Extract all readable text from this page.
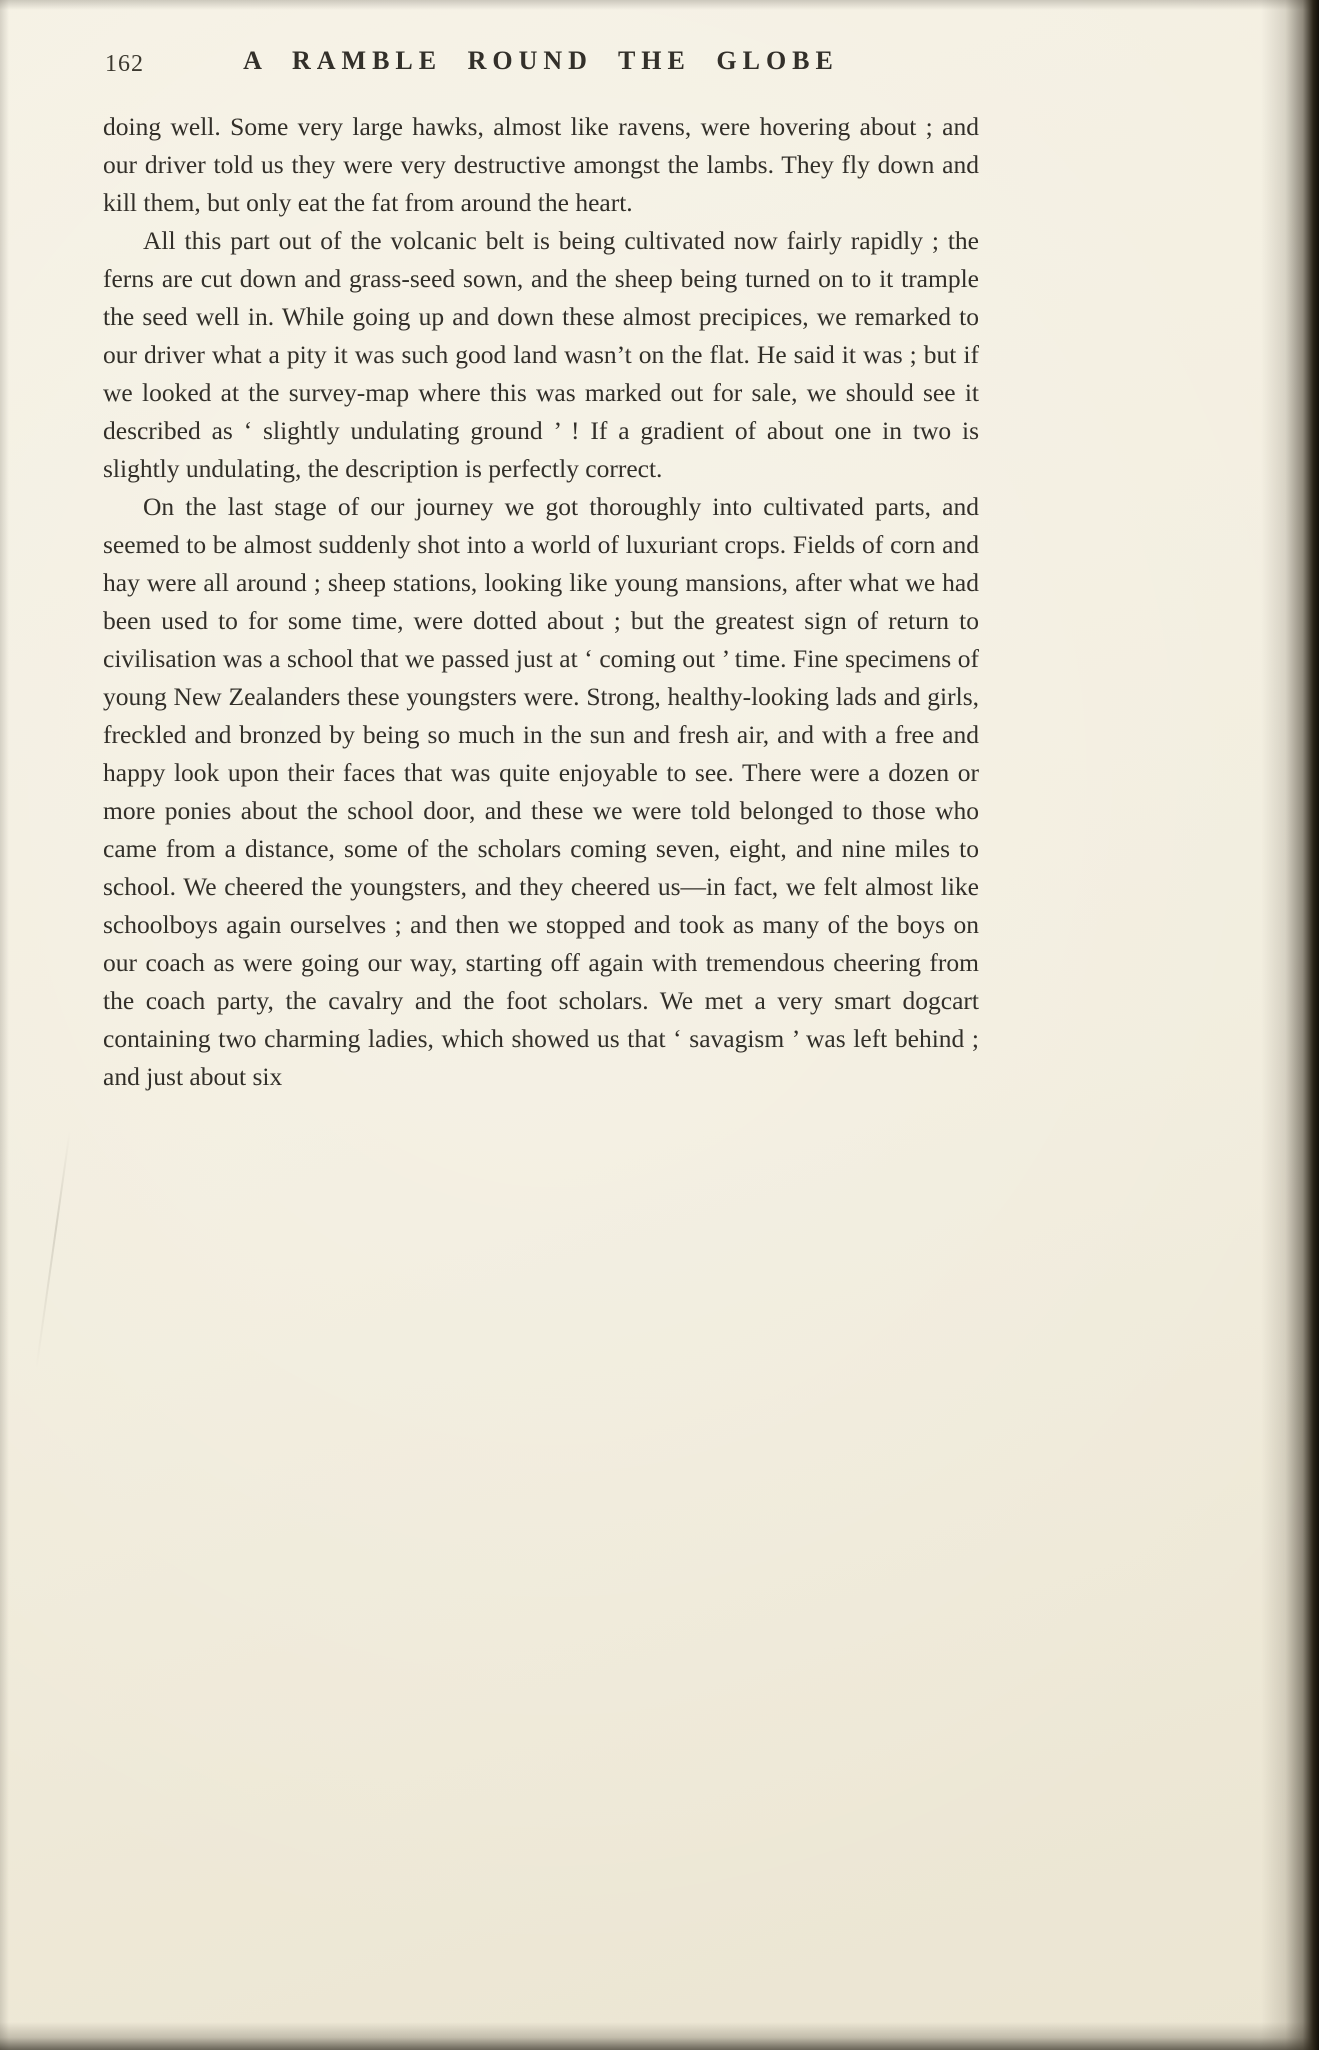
162	A RAMBLE ROUND THE GLOBE

doing well. Some very large hawks, almost like ravens, were hovering about ; and our driver told us they were very destructive amongst the lambs. They fly down and kill them, but only eat the fat from around the heart.

All this part out of the volcanic belt is being cultivated now fairly rapidly ; the ferns are cut down and grass-seed sown, and the sheep being turned on to it trample the seed well in. While going up and down these almost precipices, we remarked to our driver what a pity it was such good land wasn’t on the flat. He said it was ; but if we looked at the survey-map where this was marked out for sale, we should see it described as ‘ slightly undulating ground ’ ! If a gradient of about one in two is slightly undulating, the description is perfectly correct.

On the last stage of our journey we got thoroughly into cultivated parts, and seemed to be almost suddenly shot into a world of luxuriant crops. Fields of corn and hay were all around ; sheep stations, looking like young mansions, after what we had been used to for some time, were dotted about ; but the greatest sign of return to civilisation was a school that we passed just at ‘ coming out ’ time. Fine specimens of young New Zealanders these youngsters were. Strong, healthy-looking lads and girls, freckled and bronzed by being so much in the sun and fresh air, and with a free and happy look upon their faces that was quite enjoyable to see. There were a dozen or more ponies about the school door, and these we were told belonged to those who came from a distance, some of the scholars coming seven, eight, and nine miles to school. We cheered the youngsters, and they cheered us—in fact, we felt almost like schoolboys again ourselves ; and then we stopped and took as many of the boys on our coach as were going our way, starting off again with tremendous cheering from the coach party, the cavalry and the foot scholars. We met a very smart dogcart containing two charming ladies, which showed us that ‘ savagism ’ was left behind ; and just about six
